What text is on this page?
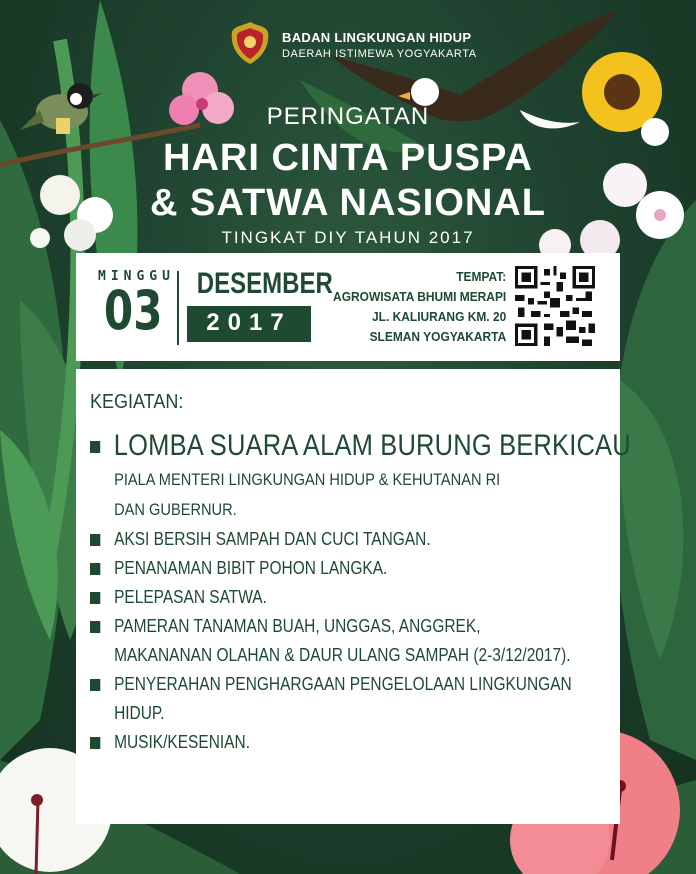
BADAN LINGKUNGAN HIDUP
DAERAH ISTIMEWA YOGYAKARTA
PERINGATAN
HARI CINTA PUSPA
& SATWA NASIONAL
TINGKAT DIY TAHUN 2017
MINGGU
03 DESEMBER
2017
TEMPAT:
AGROWISATA BHUMI MERAPI
JL. KALIURANG KM. 20
SLEMAN YOGYAKARTA
KEGIATAN:
LOMBA SUARA ALAM BURUNG BERKICAU
PIALA MENTERI LINGKUNGAN HIDUP & KEHUTANAN RI
DAN GUBERNUR.
AKSI BERSIH SAMPAH DAN CUCI TANGAN.
PENANAMAN BIBIT POHON LANGKA.
PELEPASAN SATWA.
PAMERAN TANAMAN BUAH, UNGGAS, ANGGREK,
MAKANANAN OLAHAN & DAUR ULANG SAMPAH (2-3/12/2017).
PENYERAHAN PENGHARGAAN PENGELOLAAN LINGKUNGAN
HIDUP.
MUSIK/KESENIAN.
